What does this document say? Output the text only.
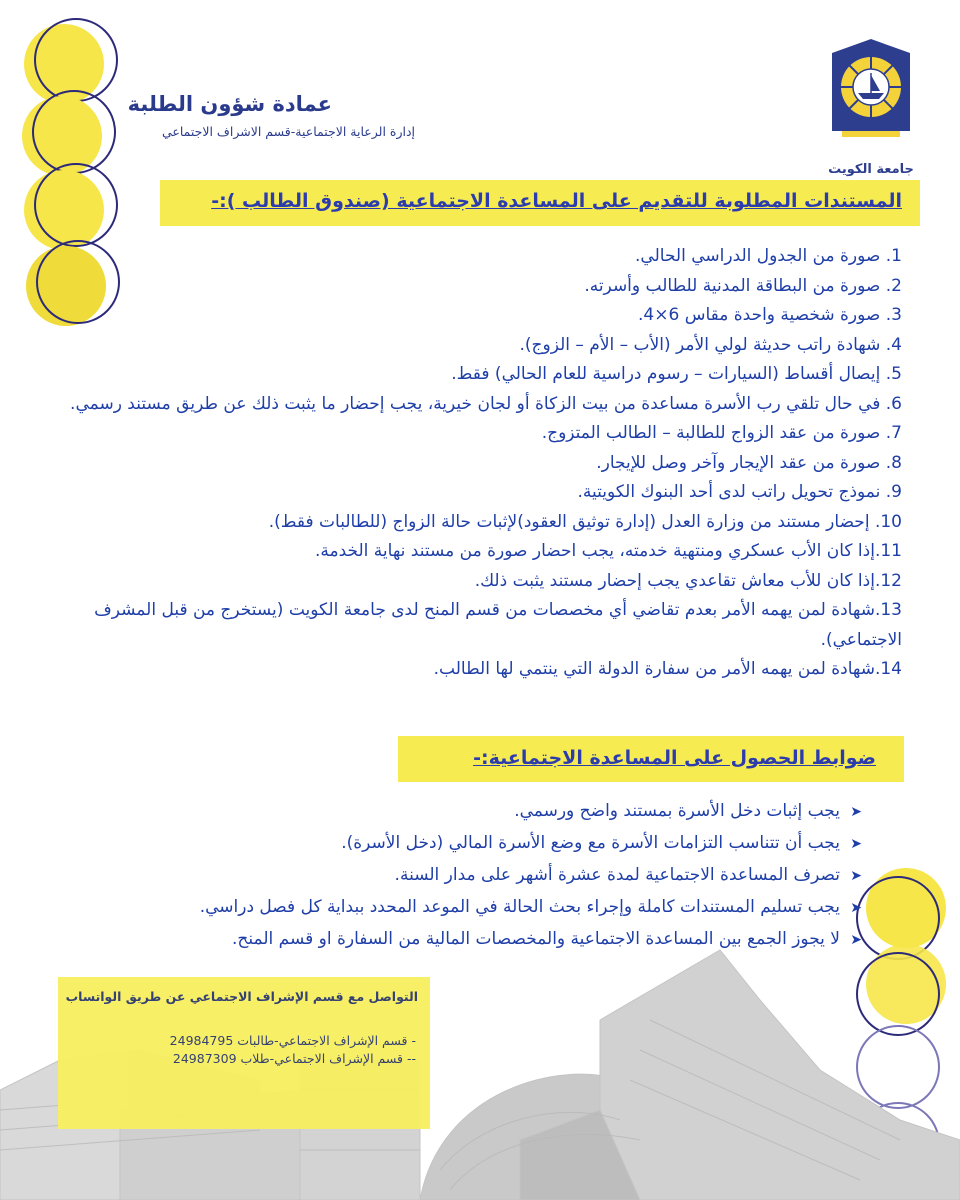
جامعة الكويت
عمادة شؤون الطلبة
إدارة الرعاية الاجتماعية-قسم الاشراف الاجتماعي
المستندات المطلوبة للتقديم على المساعدة الاجتماعية (صندوق الطالب ):-
1. صورة من الجدول الدراسي الحالي.
2. صورة من البطاقة المدنية للطالب وأسرته.
3. صورة شخصية واحدة مقاس 6×4.
4. شهادة راتب حديثة لولي الأمر (الأب – الأم – الزوج).
5. إيصال أقساط (السيارات – رسوم دراسية للعام الحالي) فقط.
6. في حال تلقي رب الأسرة مساعدة من بيت الزكاة أو لجان خيرية، يجب إحضار ما يثبت ذلك عن طريق مستند رسمي.
7. صورة من عقد الزواج للطالبة – الطالب المتزوج.
8. صورة من عقد الإيجار وآخر وصل للإيجار.
9. نموذج تحويل راتب لدى أحد البنوك الكويتية.
10. إحضار مستند من وزارة العدل (إدارة توثيق العقود)لإثبات حالة الزواج (للطالبات فقط).
11.إذا كان الأب عسكري ومنتهية خدمته، يجب احضار صورة من مستند نهاية الخدمة.
12.إذا كان للأب معاش تقاعدي يجب إحضار مستند يثبت ذلك.
13.شهادة لمن يهمه الأمر بعدم تقاضي أي مخصصات من قسم المنح لدى جامعة الكويت (يستخرج من قبل المشرف الاجتماعي).
14.شهادة لمن يهمه الأمر من سفارة الدولة التي ينتمي لها الطالب.
ضوابط الحصول على المساعدة الاجتماعية:-
➤يجب إثبات دخل الأسرة بمستند واضح ورسمي.
➤يجب أن تتناسب التزامات الأسرة مع وضع الأسرة المالي (دخل الأسرة).
➤تصرف المساعدة الاجتماعية لمدة عشرة أشهر على مدار السنة.
➤يجب تسليم المستندات كاملة وإجراء بحث الحالة في الموعد المحدد ببداية كل فصل دراسي.
➤لا يجوز الجمع بين المساعدة الاجتماعية والمخصصات المالية من السفارة او قسم المنح.
التواصل مع قسم الإشراف الاجتماعي عن طريق الواتساب
- قسم الإشراف الاجتماعي-طالبات 24984795
-- قسم الإشراف الاجتماعي-طلاب 24987309
